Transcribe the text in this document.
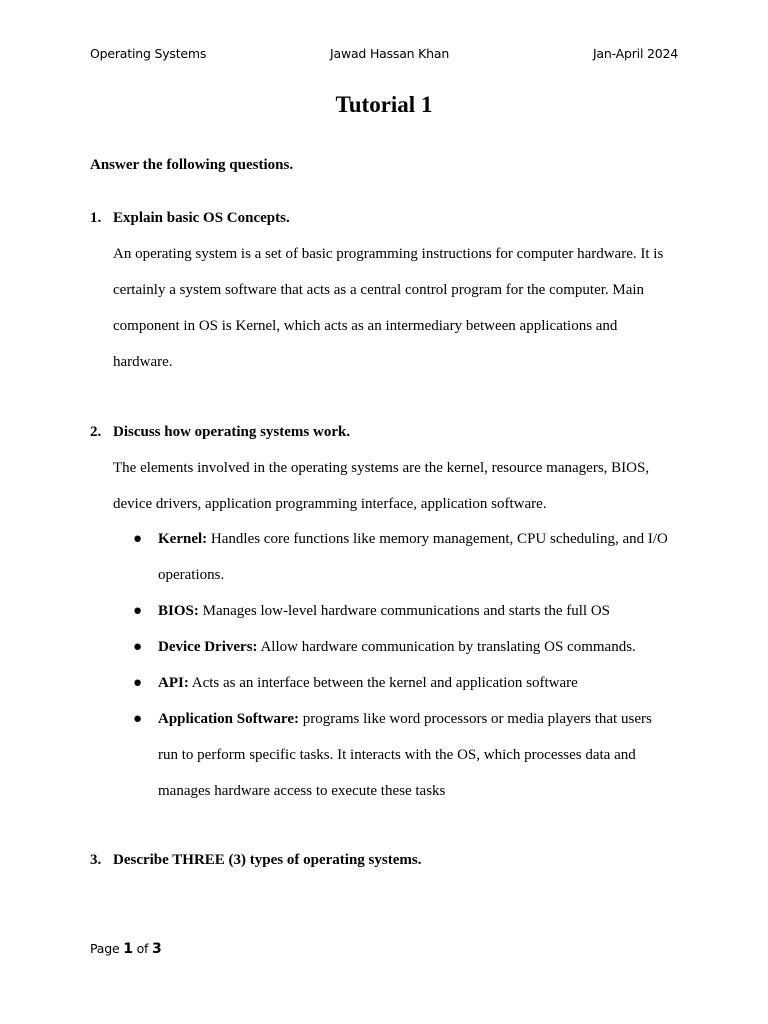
Operating Systems	Jawad Hassan Khan	Jan-April 2024
Tutorial 1
Answer the following questions.
1. Explain basic OS Concepts.

An operating system is a set of basic programming instructions for computer hardware. It is certainly a system software that acts as a central control program for the computer. Main component in OS is Kernel, which acts as an intermediary between applications and hardware.

2. Discuss how operating systems work.

The elements involved in the operating systems are the kernel, resource managers, BIOS, device drivers, application programming interface, application software.

● Kernel: Handles core functions like memory management, CPU scheduling, and I/O operations.
● BIOS: Manages low-level hardware communications and starts the full OS
● Device Drivers: Allow hardware communication by translating OS commands.
● API: Acts as an interface between the kernel and application software
● Application Software: programs like word processors or media players that users run to perform specific tasks. It interacts with the OS, which processes data and manages hardware access to execute these tasks
3. Describe THREE (3) types of operating systems.
Page 1 of 3
